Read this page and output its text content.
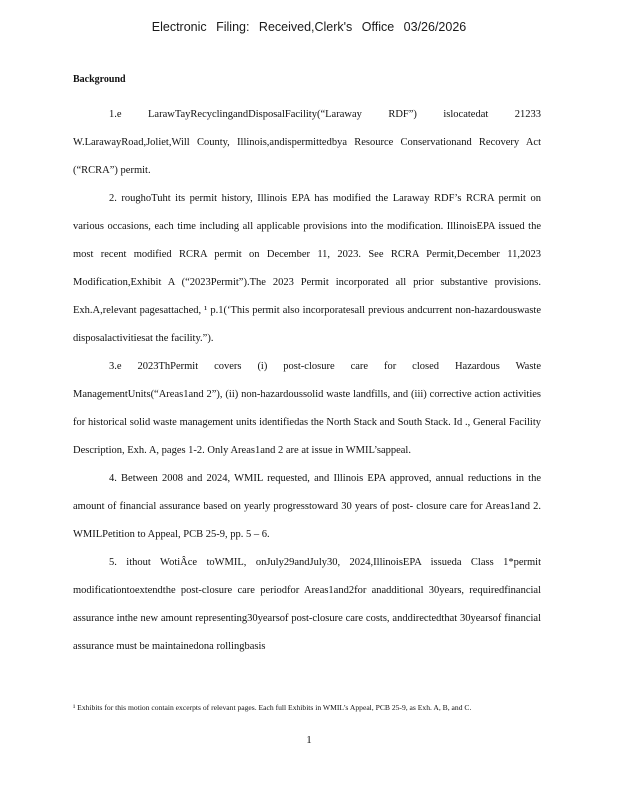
Electronic Filing: Received,Clerk's Office 03/26/2026
Background

1.e LarawTayRecyclingandDisposalFacility(“Laraway RDF”) islocatedat 21233 W.LarawayRoad,Joliet,Will County, Illinois,andispermittedbya Resource Conservationand Recovery Act (“RCRA”) permit.

2. roughoTuht its permit history, Illinois EPA has modified the Laraway RDF’s RCRA permit on various occasions, each time including all applicable provisions into the modification. IllinoisEPA issued the most recent modified RCRA permit on December 11, 2023. See RCRA Permit,December 11,2023 Modification,Exhibit A (“2023Permit”).The 2023 Permit incorporated all prior substantive provisions. Exh.A,relevant pagesattached, ¹ p.1(‘This permit also incorporatesall previous andcurrent non-hazardouswaste disposalactivitiesat the facility.”).

3.e 2023ThPermit covers (i) post-closure care for closed Hazardous Waste ManagementUnits(“Areas1and 2”), (ii) non-hazardoussolid waste landfills, and (iii) corrective action activities for historical solid waste management units identifiedas the North Stack and South Stack. Id ., General Facility Description, Exh. A, pages 1-2. Only Areas1and 2 are at issue in WMIL’sappeal.

4. Between 2008 and 2024, WMIL requested, and Illinois EPA approved, annual reductions in the amount of financial assurance based on yearly progresstoward 30 years of post- closure care for Areas1and 2. WMILPetition to Appeal, PCB 25-9, pp. 5 – 6.

5. ithout WotiÂce toWMIL, onJuly29andJuly30, 2024,IllinoisEPA issueda Class 1*permit modificationtoextendthe post-closure care periodfor Areas1and2for anadditional 30years, requiredfinancial assurance inthe new amount representing30yearsof post-closure care costs, anddirectedthat 30yearsof financial assurance must be maintainedona rollingbasis

¹ Exhibits for this motion contain excerpts of relevant pages. Each full Exhibits in WMIL’s Appeal, PCB 25-9, as Exh. A, B, and C.
1
